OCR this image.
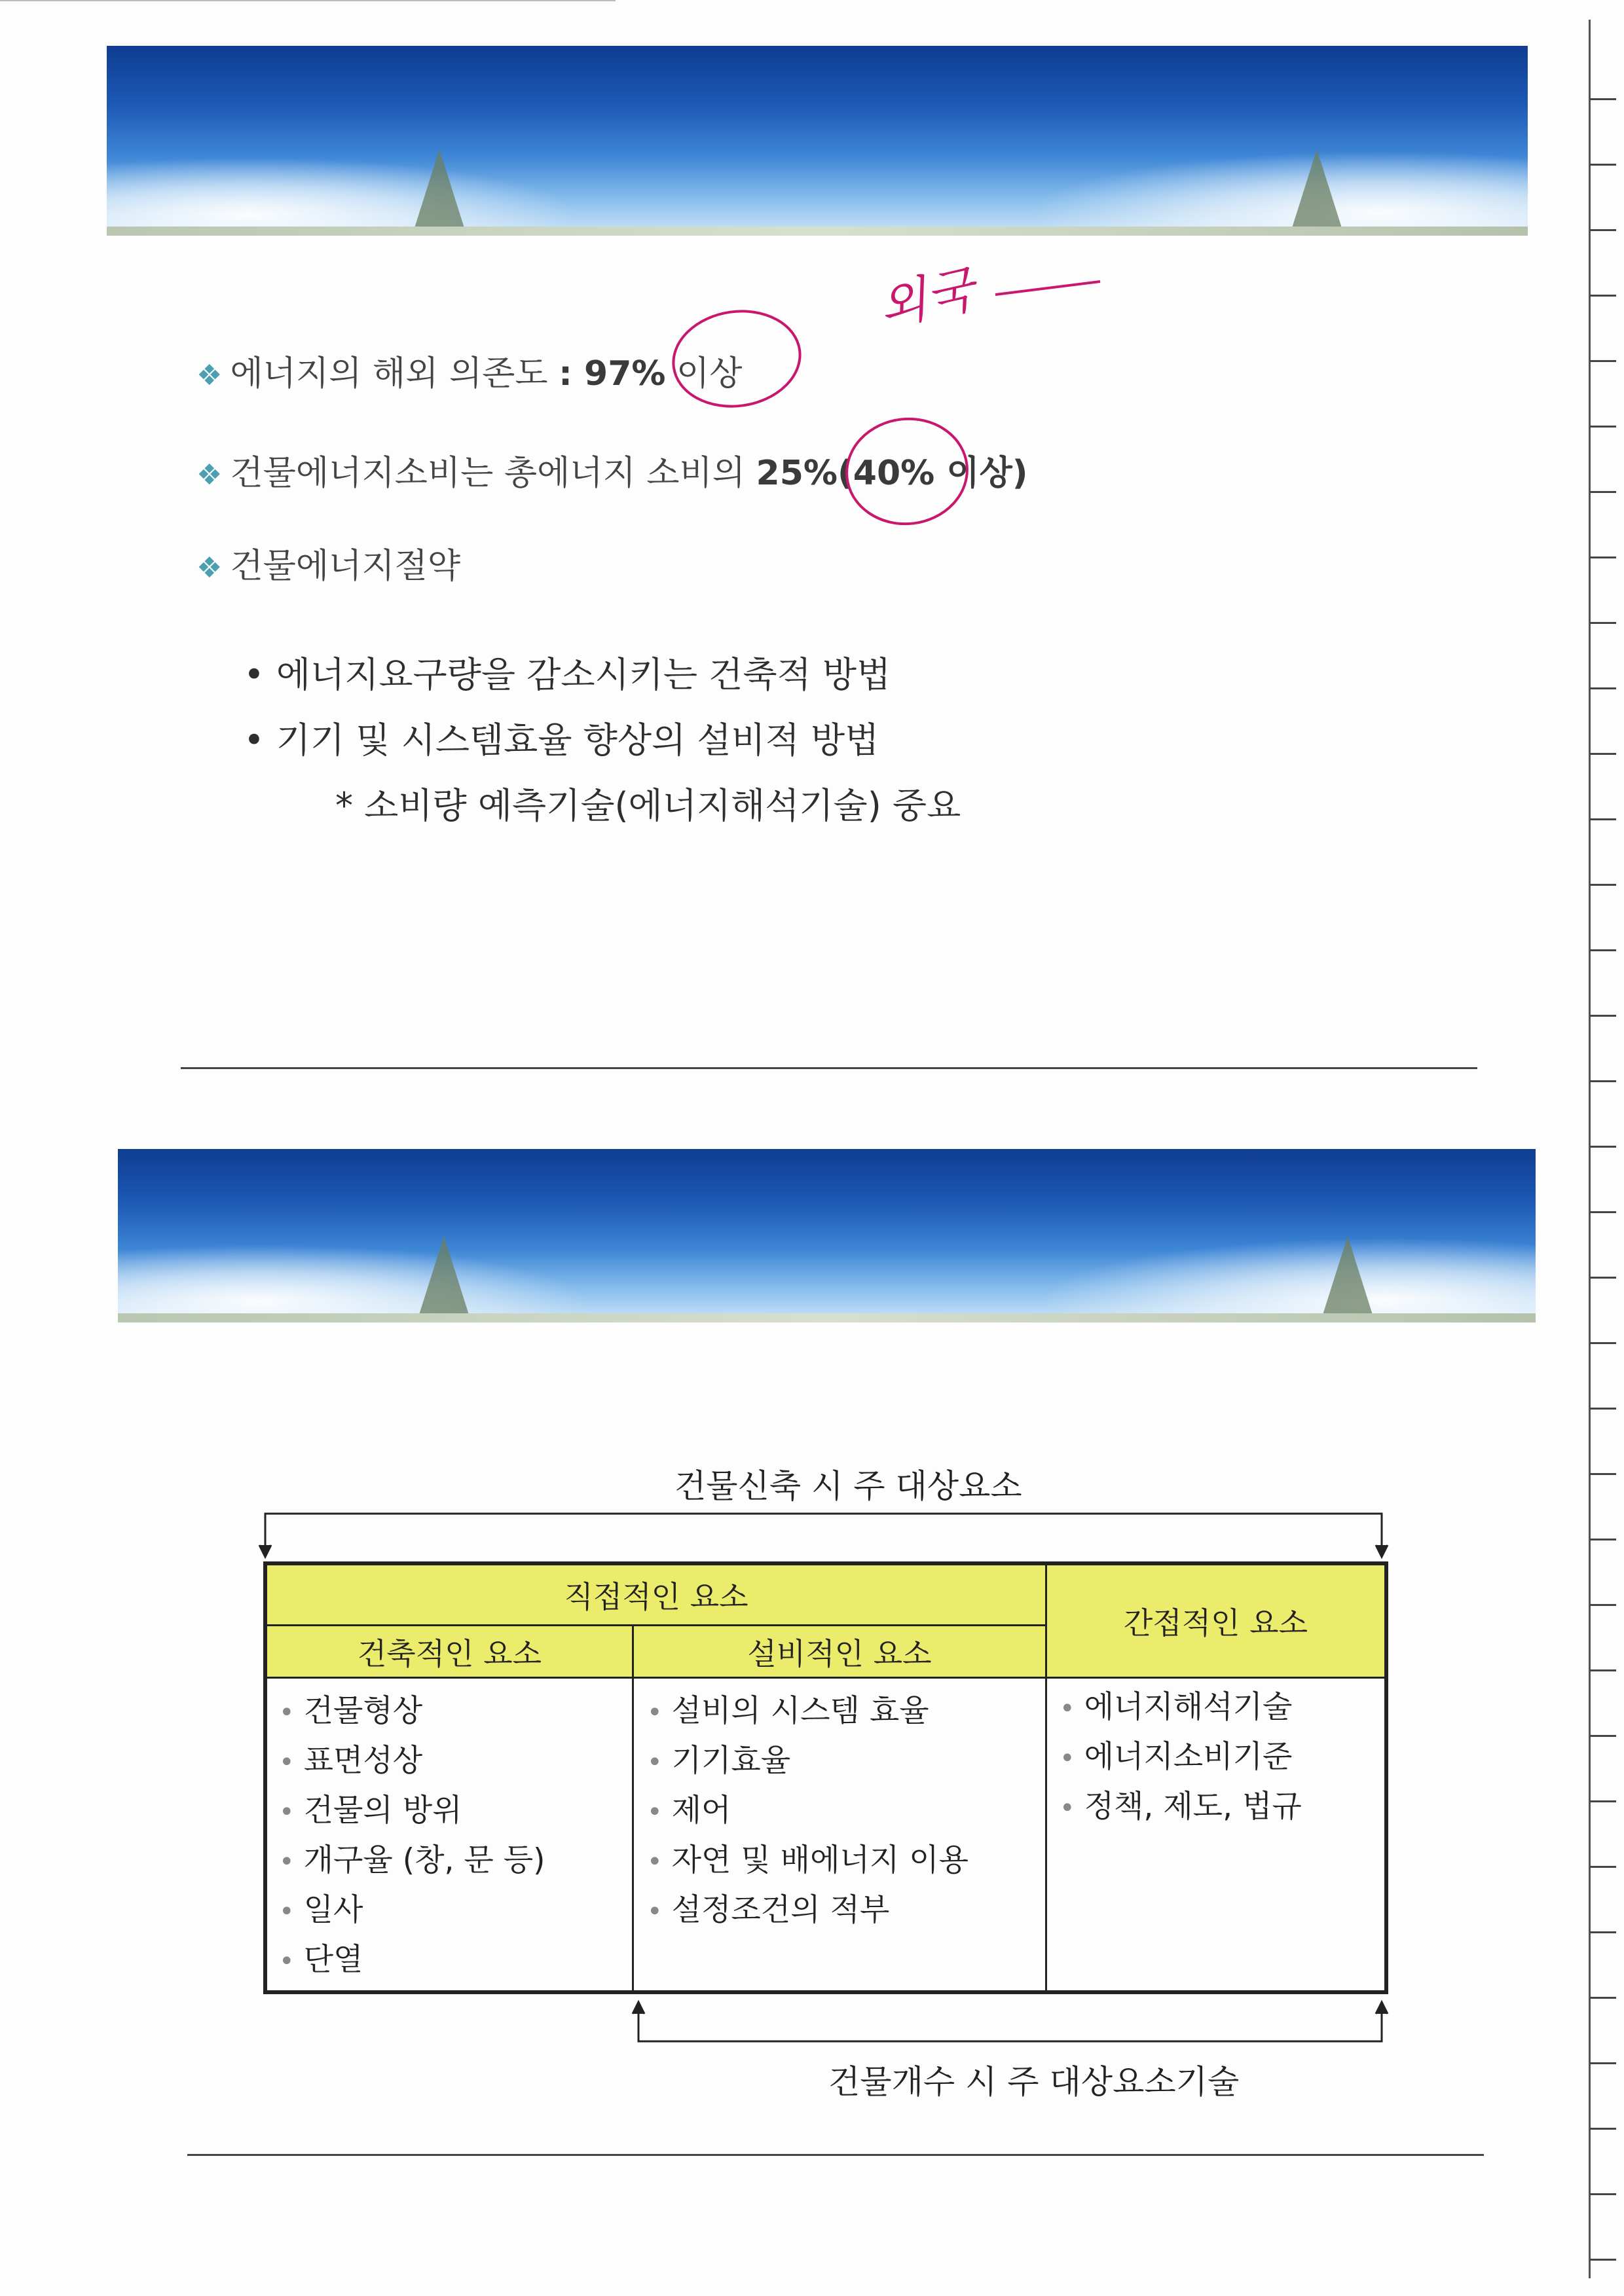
❖ 에너지의 해외 의존도 : 97% 이상
❖ 건물에너지소비는 총에너지 소비의 25%(40% 이상)
❖ 건물에너지절약
• 에너지요구량을 감소시키는 건축적 방법
• 기기 및 시스템효율 향상의 설비적 방법
* 소비량 예측기술(에너지해석기술) 중요
외국
건물신축 시 주 대상요소
직접적인 요소
건축적인 요소	설비적인 요소
간접적인 요소
• 건물형상
• 표면성상
• 건물의 방위
• 개구율 (창, 문 등)
• 일사
• 단열
• 설비의 시스템 효율
• 기기효율
• 제어
• 자연 및 배에너지 이용
• 설정조건의 적부
• 에너지해석기술
• 에너지소비기준
• 정책, 제도, 법규
건물개수 시 주 대상요소기술
